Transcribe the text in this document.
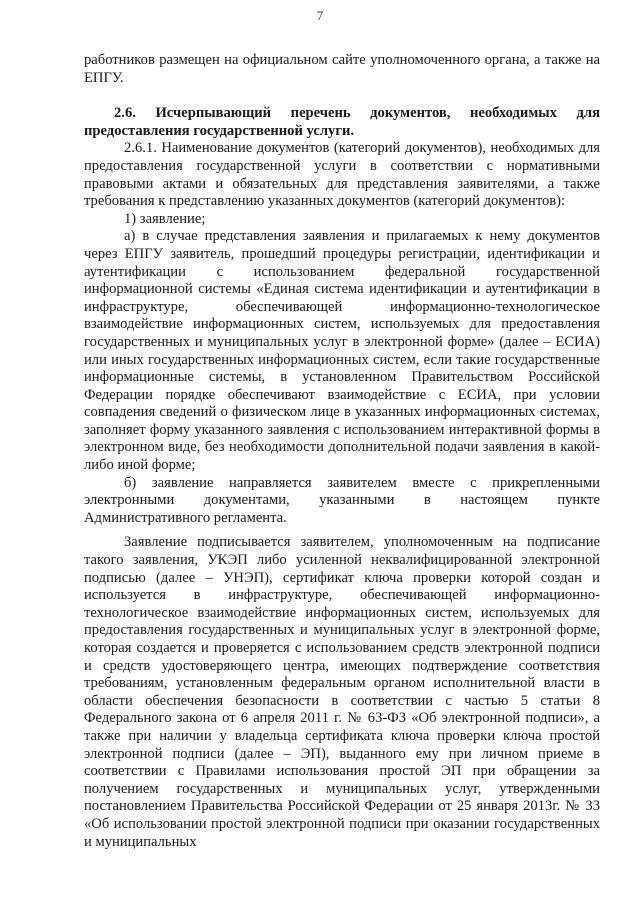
7

работников размещен на официальном сайте уполномоченного органа, а также на ЕПГУ.

2.6. Исчерпывающий перечень документов, необходимых для предоставления государственной услуги.

2.6.1. Наименование документов (категорий документов), необходимых для предоставления государственной услуги в соответствии с нормативными правовыми актами и обязательных для представления заявителями, а также требования к представлению указанных документов (категорий документов):

1) заявление;

а) в случае представления заявления и прилагаемых к нему документов через ЕПГУ заявитель, прошедший процедуры регистрации, идентификации и аутентификации с использованием федеральной государственной информационной системы «Единая система идентификации и аутентификации в инфраструктуре, обеспечивающей информационно-технологическое взаимодействие информационных систем, используемых для предоставления государственных и муниципальных услуг в электронной форме» (далее – ЕСИА) или иных государственных информационных систем, если такие государственные информационные системы, в установленном Правительством Российской Федерации порядке обеспечивают взаимодействие с ЕСИА, при условии совпадения сведений о физическом лице в указанных информационных системах, заполняет форму указанного заявления с использованием интерактивной формы в электронном виде, без необходимости дополнительной подачи заявления в какой-либо иной форме;

б) заявление направляется заявителем вместе с прикрепленными электронными документами, указанными в настоящем пункте Административного регламента.

Заявление подписывается заявителем, уполномоченным на подписание такого заявления, УКЭП либо усиленной неквалифицированной электронной подписью (далее – УНЭП), сертификат ключа проверки которой создан и используется в инфраструктуре, обеспечивающей информационно-технологическое взаимодействие информационных систем, используемых для предоставления государственных и муниципальных услуг в электронной форме, которая создается и проверяется с использованием средств электронной подписи и средств удостоверяющего центра, имеющих подтверждение соответствия требованиям, установленным федеральным органом исполнительной власти в области обеспечения безопасности в соответствии с частью 5 статьи 8 Федерального закона от 6 апреля 2011 г. № 63-ФЗ «Об электронной подписи», а также при наличии у владельца сертификата ключа проверки ключа простой электронной подписи (далее – ЭП), выданного ему при личном приеме в соответствии с Правилами использования простой ЭП при обращении за получением государственных и муниципальных услуг, утвержденными постановлением Правительства Российской Федерации от 25 января 2013г. № 33 «Об использовании простой электронной подписи при оказании государственных и муниципальных
